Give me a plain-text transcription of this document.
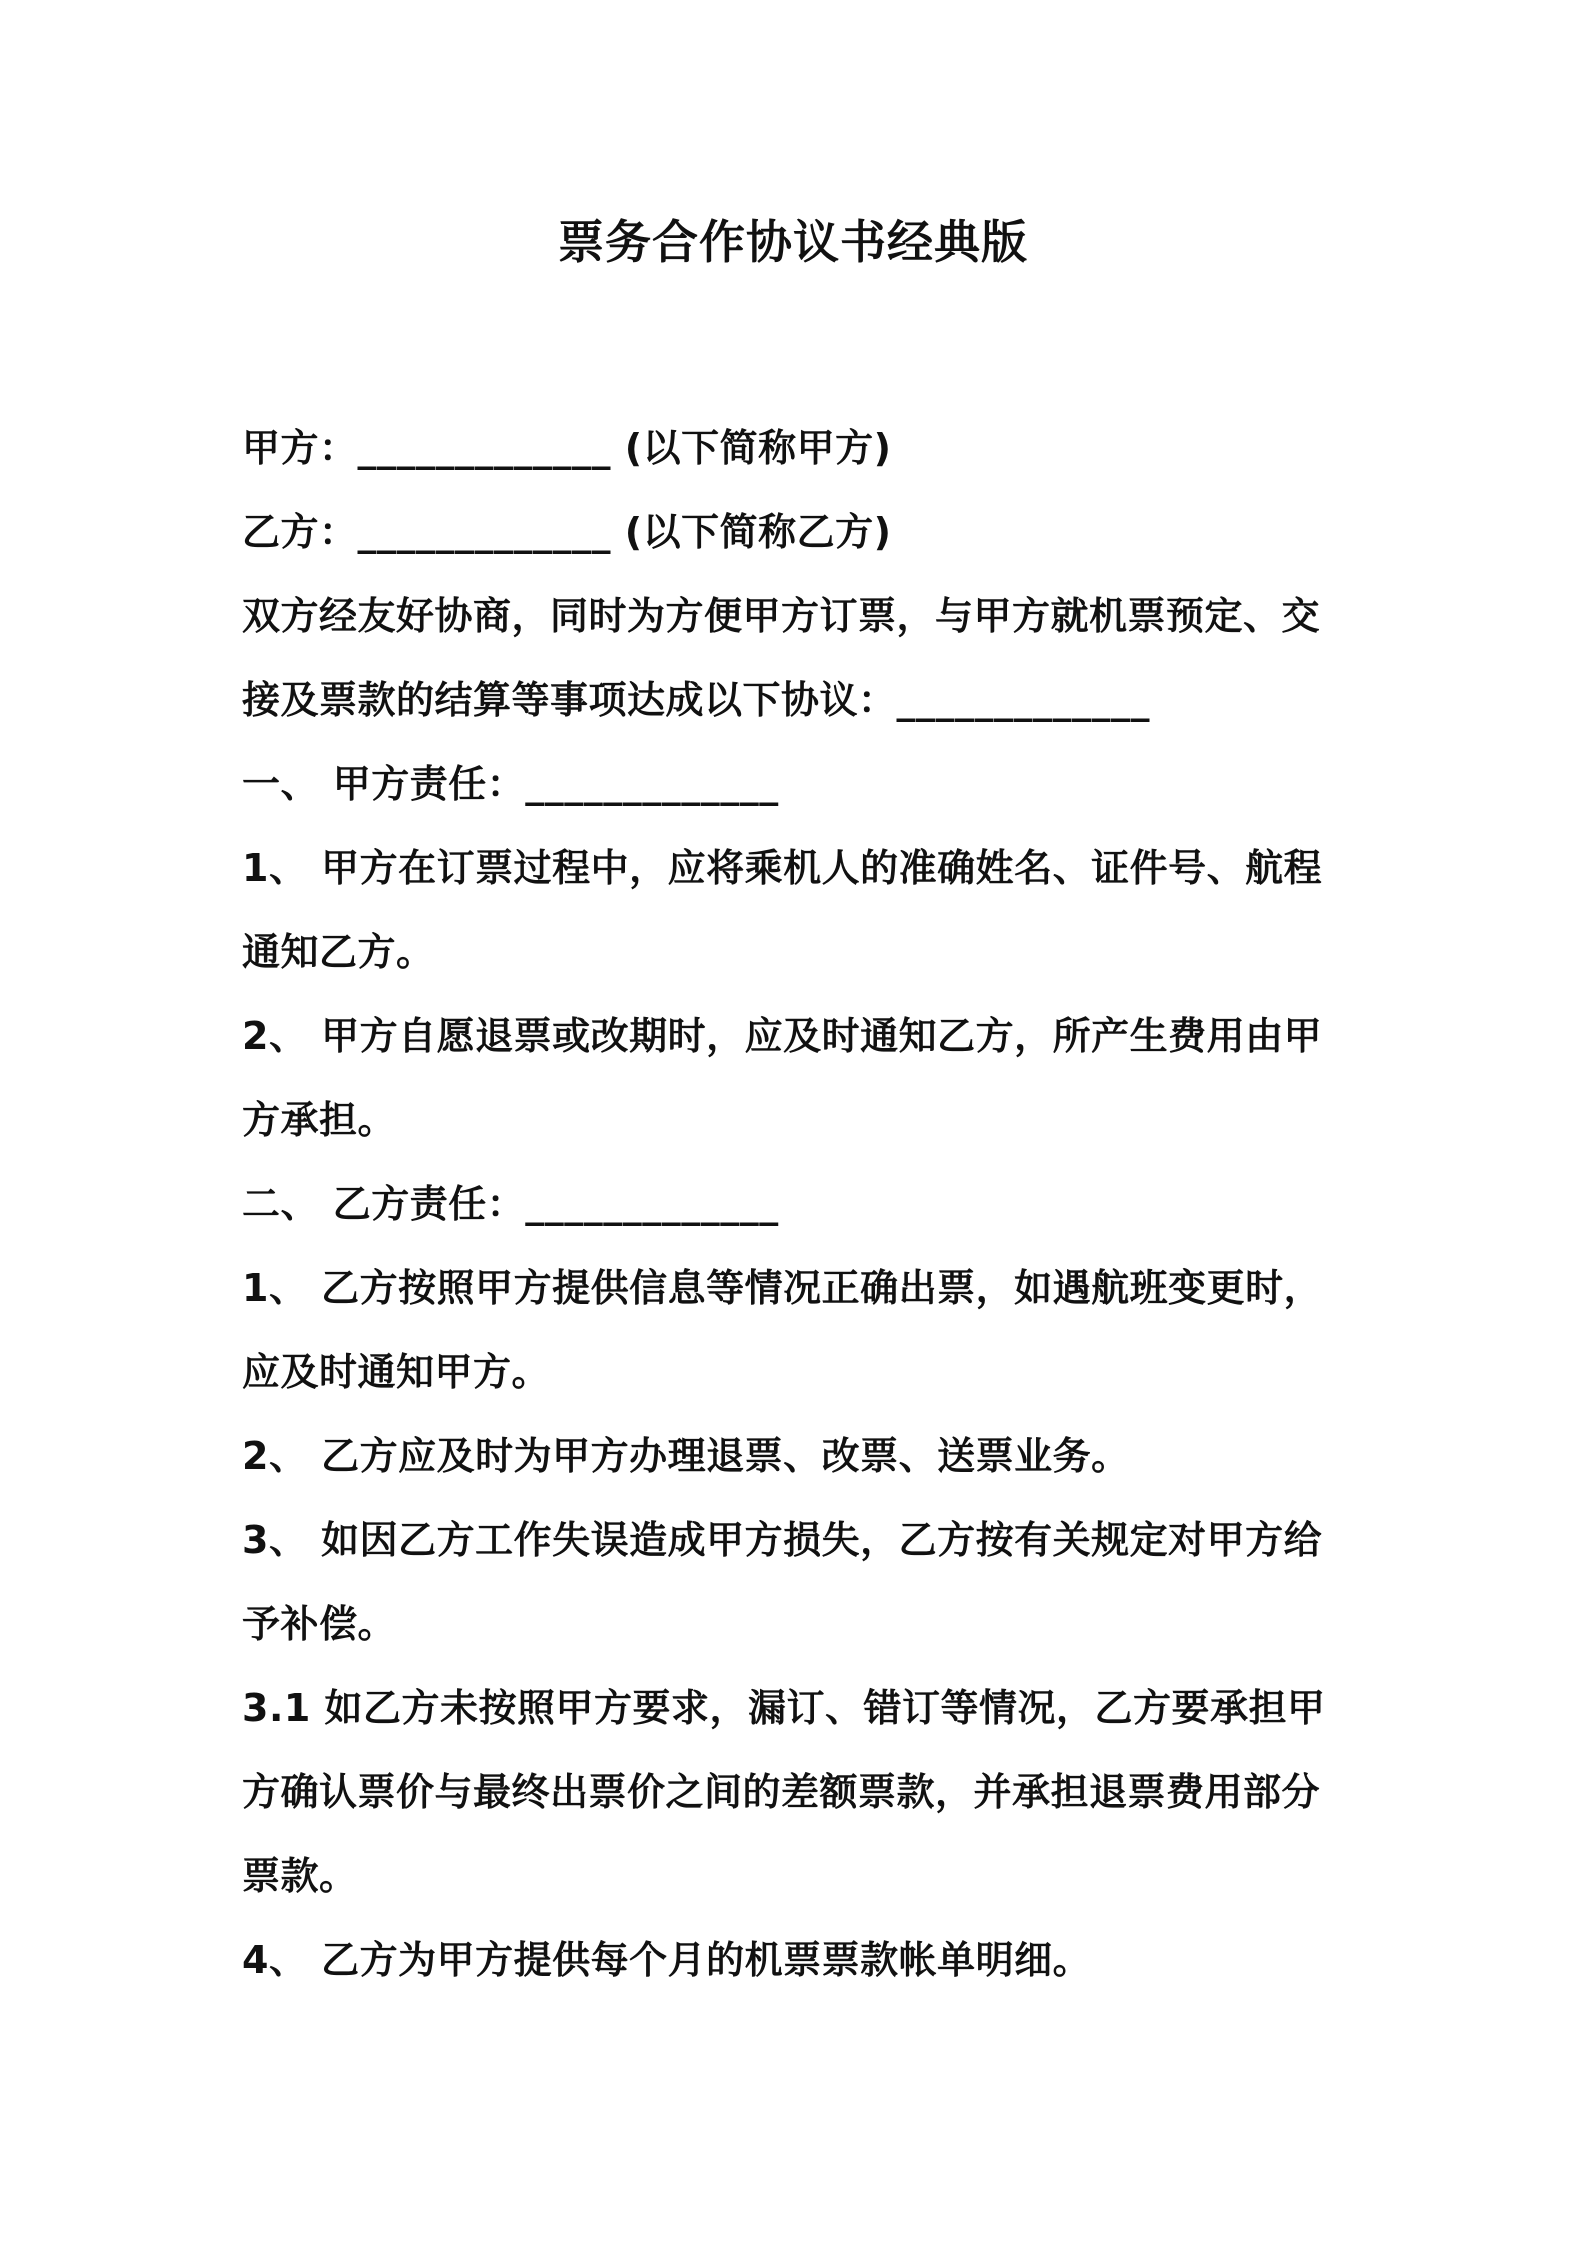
票务合作协议书经典版
甲方：_____________ (以下简称甲方)
乙方：_____________ (以下简称乙方)
双方经友好协商，同时为方便甲方订票，与甲方就机票预定、交
接及票款的结算等事项达成以下协议：_____________
一、 甲方责任：_____________
1、 甲方在订票过程中，应将乘机人的准确姓名、证件号、航程
通知乙方。
2、 甲方自愿退票或改期时，应及时通知乙方，所产生费用由甲
方承担。
二、 乙方责任：_____________
1、 乙方按照甲方提供信息等情况正确出票，如遇航班变更时，
应及时通知甲方。
2、 乙方应及时为甲方办理退票、改票、送票业务。
3、 如因乙方工作失误造成甲方损失，乙方按有关规定对甲方给
予补偿。
3.1 如乙方未按照甲方要求，漏订、错订等情况，乙方要承担甲
方确认票价与最终出票价之间的差额票款，并承担退票费用部分
票款。
4、 乙方为甲方提供每个月的机票票款帐单明细。
